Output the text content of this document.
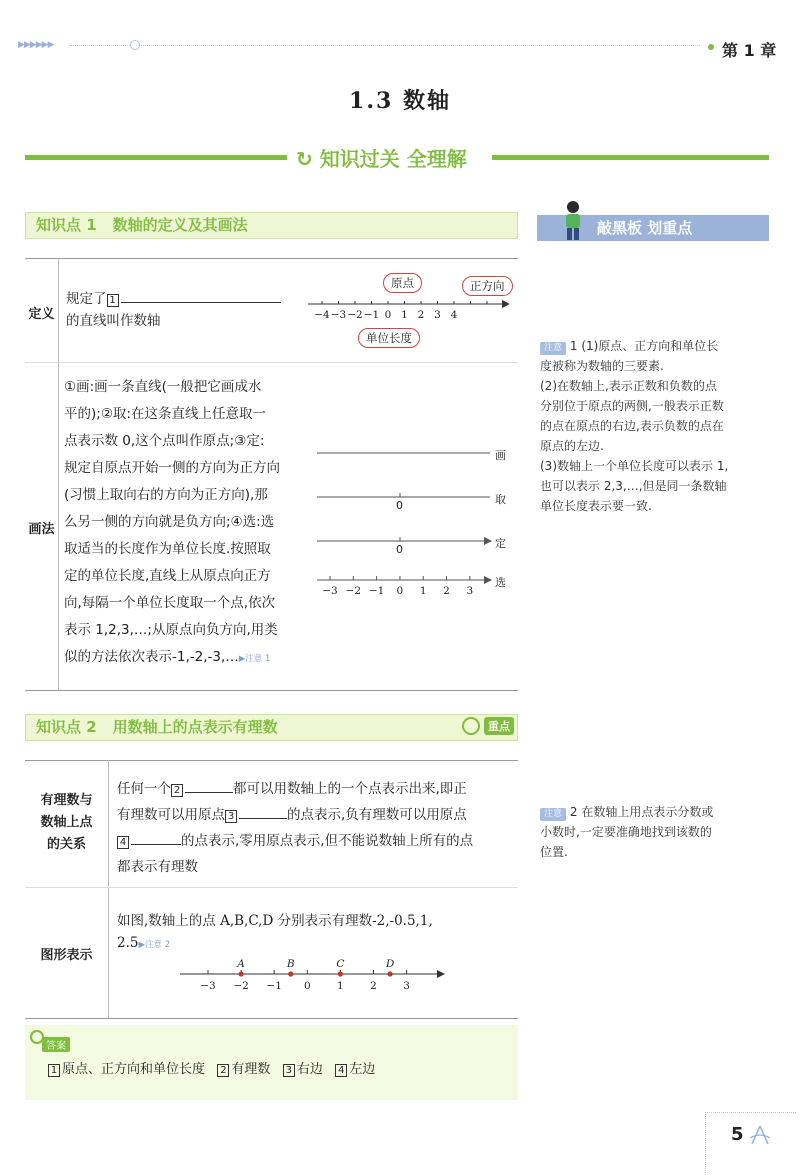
▶▶▶▶▶▶	第 1 章
1.3 数轴
↻ 知识过关 全理解
知识点 1 数轴的定义及其画法
定义
规定了 1
的直线叫作数轴	−4 −3 −2 −1 0 1 2 3 4
原点	正方向
单位长度
画法
①画:画一条直线(一般把它画成水
平的);②取:在这条直线上任意取一
点表示数 0,这个点叫作原点;③定:
规定自原点开始一侧的方向为正方向
(习惯上取向右的方向为正方向),那
么另一侧的方向就是负方向;④选:选
取适当的长度作为单位长度.按照取
定的单位长度,直线上从原点向正方
向,每隔一个单位长度取一个点,依次
表示 1,2,3,…;从原点向负方向,用类
似的方法依次表示-1,-2,-3,…▶注意 1
−3 −2 −1 0 1 2 3
0
0
画
取
定
选
知识点 2 用数轴上的点表示有理数	重点
有理数与
数轴上点
的关系
任何一个 2	都可以用数轴上的一个点表示出来,即正
有理数可以用原点 3	的点表示,负有理数可以用原点
4	的点表示,零用原点表示,但不能说数轴上所有的点
都表示有理数
图形表示
如图,数轴上的点 A,B,C,D 分别表示有理数-2,-0.5,1,
2.5▶注意 2
−3 −2 −1 0	1	2	3
A	B	C	D
答案
1 原点、正方向和单位长度 2 有理数 3 右边 4 左边
敲黑板 划重点
注意 1 (1)原点、正方向和单位长
度被称为数轴的三要素.
(2)在数轴上,表示正数和负数的点
分别位于原点的两侧,一般表示正数
的点在原点的右边,表示负数的点在
原点的左边.
(3)数轴上一个单位长度可以表示 1,
也可以表示 2,3,…,但是同一条数轴
单位长度表示要一致.
注意 2 在数轴上用点表示分数或
小数时,一定要准确地找到该数的
位置.
5
